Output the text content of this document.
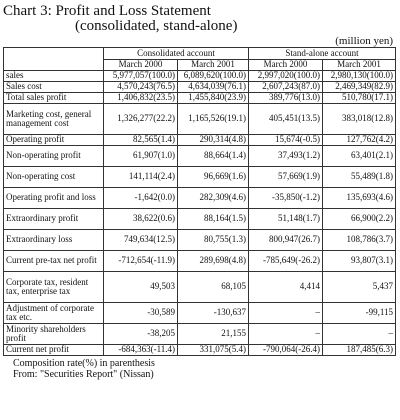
Chart 3: Profit and Loss Statement
(consolidated, stand-alone)
(million yen)
	Consolidated account		Stand-alone account	
	March 2000	March 2001	March 2000	March 2001
sales	5,977,057(100.0)	6,089,620(100.0)	2,997,020(100.0)	2,980,130(100.0)
Sales cost	4,570,243(76.5)	4,634,039(76.1)	2,607,243(87.0)	2,469,349(82.9)
Total sales profit	1,406,832(23.5)	1,455,840(23.9)	389,776(13.0)	510,780(17.1)
Marketing cost, general management cost	1,326,277(22.2)	1,165,526(19.1)	405,451(13.5)	383,018(12.8)
Operating profit	82,565(1.4)	290,314(4.8)	15,674(-0.5)	127,762(4.2)
Non-operating profit	61,907(1.0)	88,664(1.4)	37,493(1.2)	63,401(2.1)
Non-operating cost	141,114(2.4)	96,669(1.6)	57,669(1.9)	55,489(1.8)
Operating profit and loss	-1,642(0.0)	282,309(4.6)	-35,850(-1.2)	135,693(4.6)
Extraordinary profit	38,622(0.6)	88,164(1.5)	51,148(1.7)	66,900(2.2)
Extraordinary loss	749,634(12.5)	80,755(1.3)	800,947(26.7)	108,786(3.7)
Current pre-tax net profit	-712,654(-11.9)	289,698(4.8)	-785,649(-26.2)	93,807(3.1)
Corporate tax, resident tax, enterprise tax	49,503	68,105	4,414	5,437
Adjustment of corporate tax etc.	-30,589	-130,637	–	-99,115
Minority shareholders profit	-38,205	21,155	–	–
Current net profit	-684,363(-11.4)	331,075(5.4)	-790,064(-26.4)	187,485(6.3)
Composition rate(%) in parenthesis
From: "Securities Report" (Nissan)
